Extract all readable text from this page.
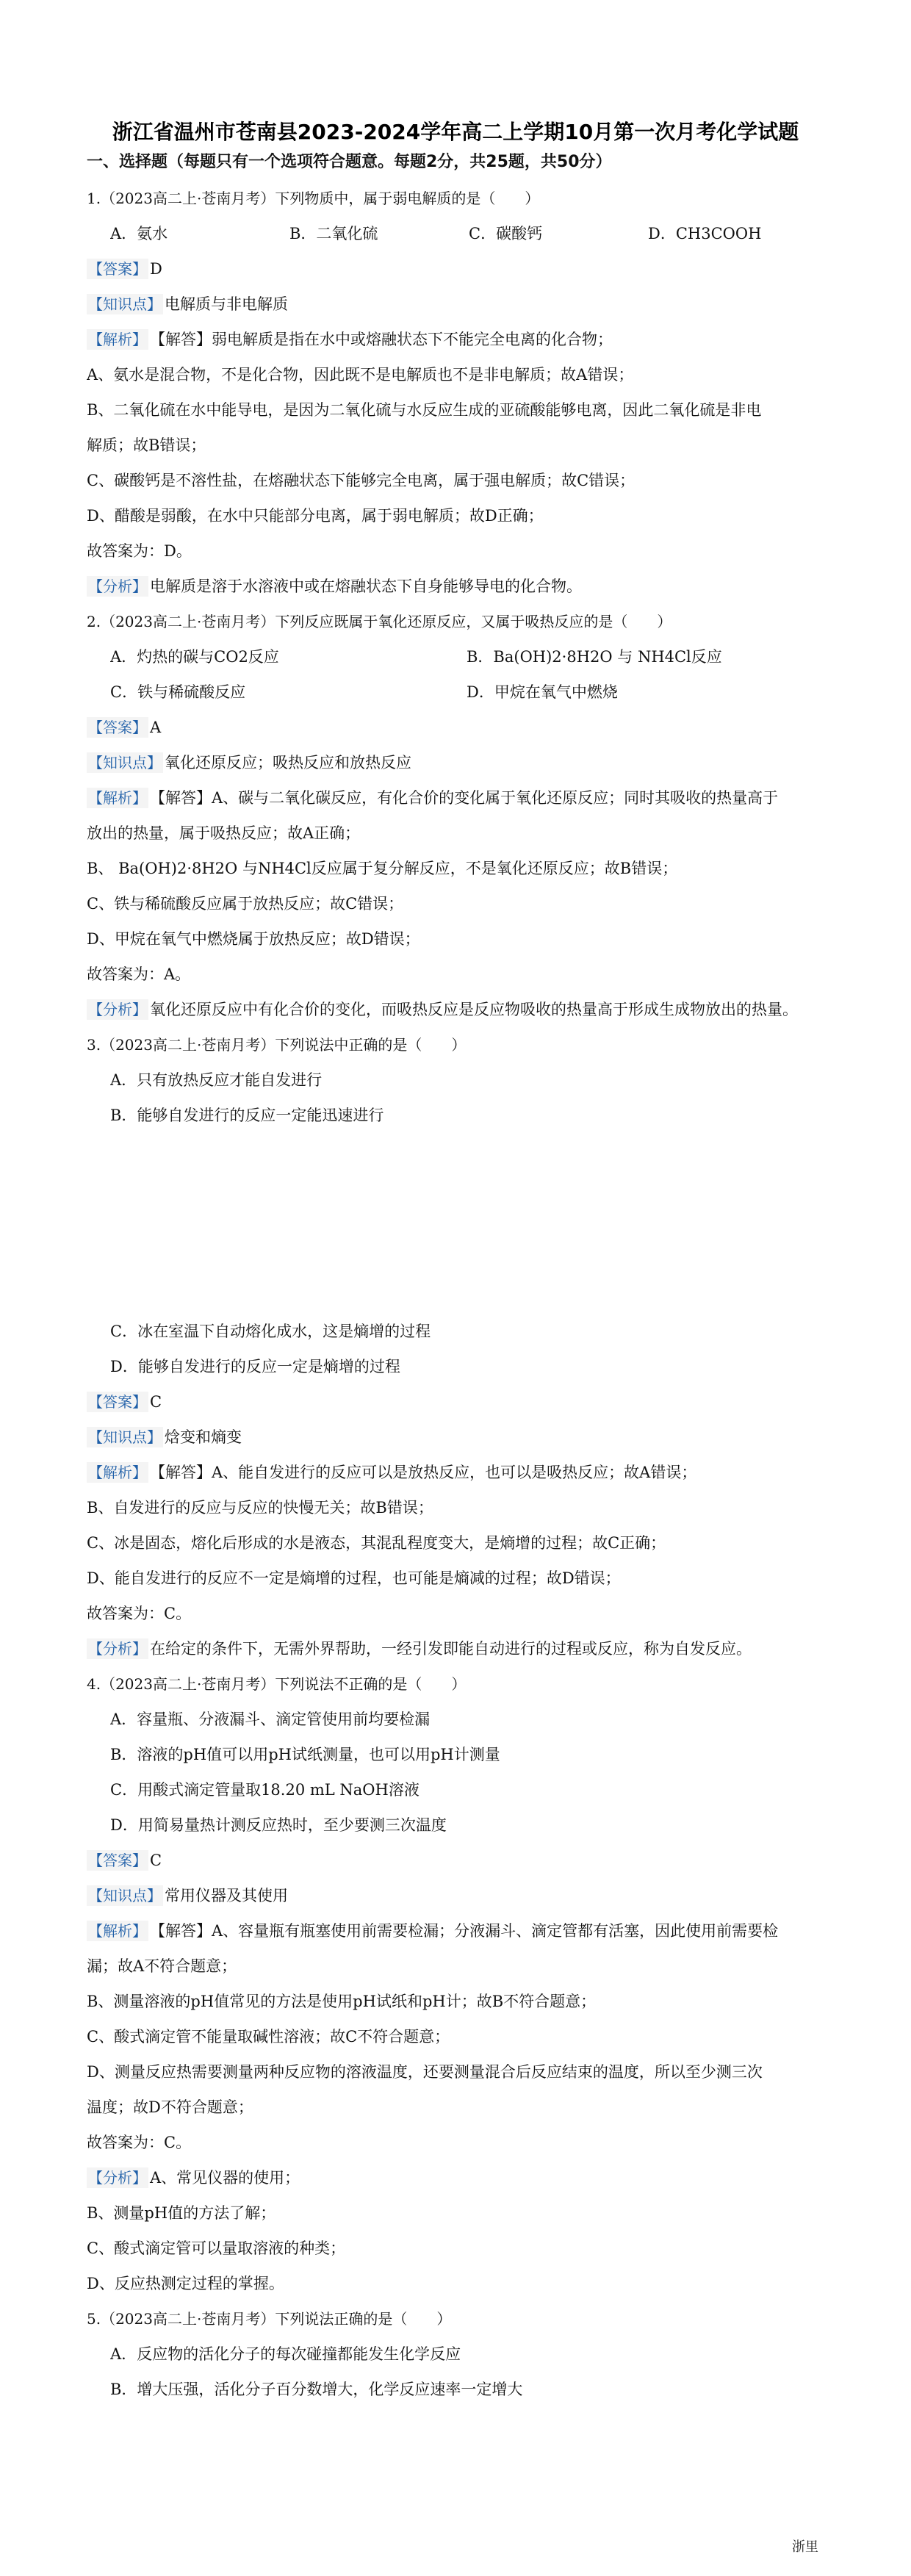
浙江省温州市苍南县2023-2024学年高二上学期10月第一次月考化学试题
一、选择题（每题只有一个选项符合题意。每题2分，共25题，共50分）
1.（2023高二上·苍南月考）下列物质中，属于弱电解质的是（　　）
A．氨水	B．二氧化硫	C．碳酸钙	D．CH3COOH
【答案】 D
【知识点】 电解质与非电解质
【解析】 【解答】弱电解质是指在水中或熔融状态下不能完全电离的化合物；
A、氨水是混合物，不是化合物，因此既不是电解质也不是非电解质；故A错误；
B、二氧化硫在水中能导电，是因为二氧化硫与水反应生成的亚硫酸能够电离，因此二氧化硫是非电
解质；故B错误；
C、碳酸钙是不溶性盐，在熔融状态下能够完全电离，属于强电解质；故C错误；
D、醋酸是弱酸，在水中只能部分电离，属于弱电解质；故D正确；
故答案为：D。
【分析】 电解质是溶于水溶液中或在熔融状态下自身能够导电的化合物。
2.（2023高二上·苍南月考）下列反应既属于氧化还原反应，又属于吸热反应的是（　　）
A．灼热的碳与CO2反应	B．Ba(OH)2·8H2O 与 NH4Cl反应
C．铁与稀硫酸反应	D．甲烷在氧气中燃烧
【答案】 A
【知识点】 氧化还原反应；吸热反应和放热反应
【解析】 【解答】A、碳与二氧化碳反应，有化合价的变化属于氧化还原反应；同时其吸收的热量高于
放出的热量，属于吸热反应；故A正确；
B、 Ba(OH)2·8H2O 与NH4Cl反应属于复分解反应，不是氧化还原反应；故B错误；
C、铁与稀硫酸反应属于放热反应；故C错误；
D、甲烷在氧气中燃烧属于放热反应；故D错误；
故答案为：A。
【分析】 氧化还原反应中有化合价的变化，而吸热反应是反应物吸收的热量高于形成生成物放出的热量。
3.（2023高二上·苍南月考）下列说法中正确的是（　　）
A．只有放热反应才能自发进行
B．能够自发进行的反应一定能迅速进行
C．冰在室温下自动熔化成水，这是熵增的过程
D．能够自发进行的反应一定是熵增的过程
【答案】 C
【知识点】 焓变和熵变
【解析】 【解答】A、能自发进行的反应可以是放热反应，也可以是吸热反应；故A错误；
B、自发进行的反应与反应的快慢无关；故B错误；
C、冰是固态，熔化后形成的水是液态，其混乱程度变大，是熵增的过程；故C正确；
D、能自发进行的反应不一定是熵增的过程，也可能是熵减的过程；故D错误；
故答案为：C。
【分析】 在给定的条件下，无需外界帮助，一经引发即能自动进行的过程或反应，称为自发反应。
4.（2023高二上·苍南月考）下列说法不正确的是（　　）
A．容量瓶、分液漏斗、滴定管使用前均要检漏
B．溶液的pH值可以用pH试纸测量，也可以用pH计测量
C．用酸式滴定管量取18.20 mL NaOH溶液
D．用简易量热计测反应热时，至少要测三次温度
【答案】 C
【知识点】 常用仪器及其使用
【解析】 【解答】A、容量瓶有瓶塞使用前需要检漏；分液漏斗、滴定管都有活塞，因此使用前需要检
漏；故A不符合题意；
B、测量溶液的pH值常见的方法是使用pH试纸和pH计；故B不符合题意；
C、酸式滴定管不能量取碱性溶液；故C不符合题意；
D、测量反应热需要测量两种反应物的溶液温度，还要测量混合后反应结束的温度，所以至少测三次
温度；故D不符合题意；
故答案为：C。
【分析】 A、常见仪器的使用；
B、测量pH值的方法了解；
C、酸式滴定管可以量取溶液的种类；
D、反应热测定过程的掌握。
5.（2023高二上·苍南月考）下列说法正确的是（　　）
A．反应物的活化分子的每次碰撞都能发生化学反应
B．增大压强，活化分子百分数增大，化学反应速率一定增大
浙里
